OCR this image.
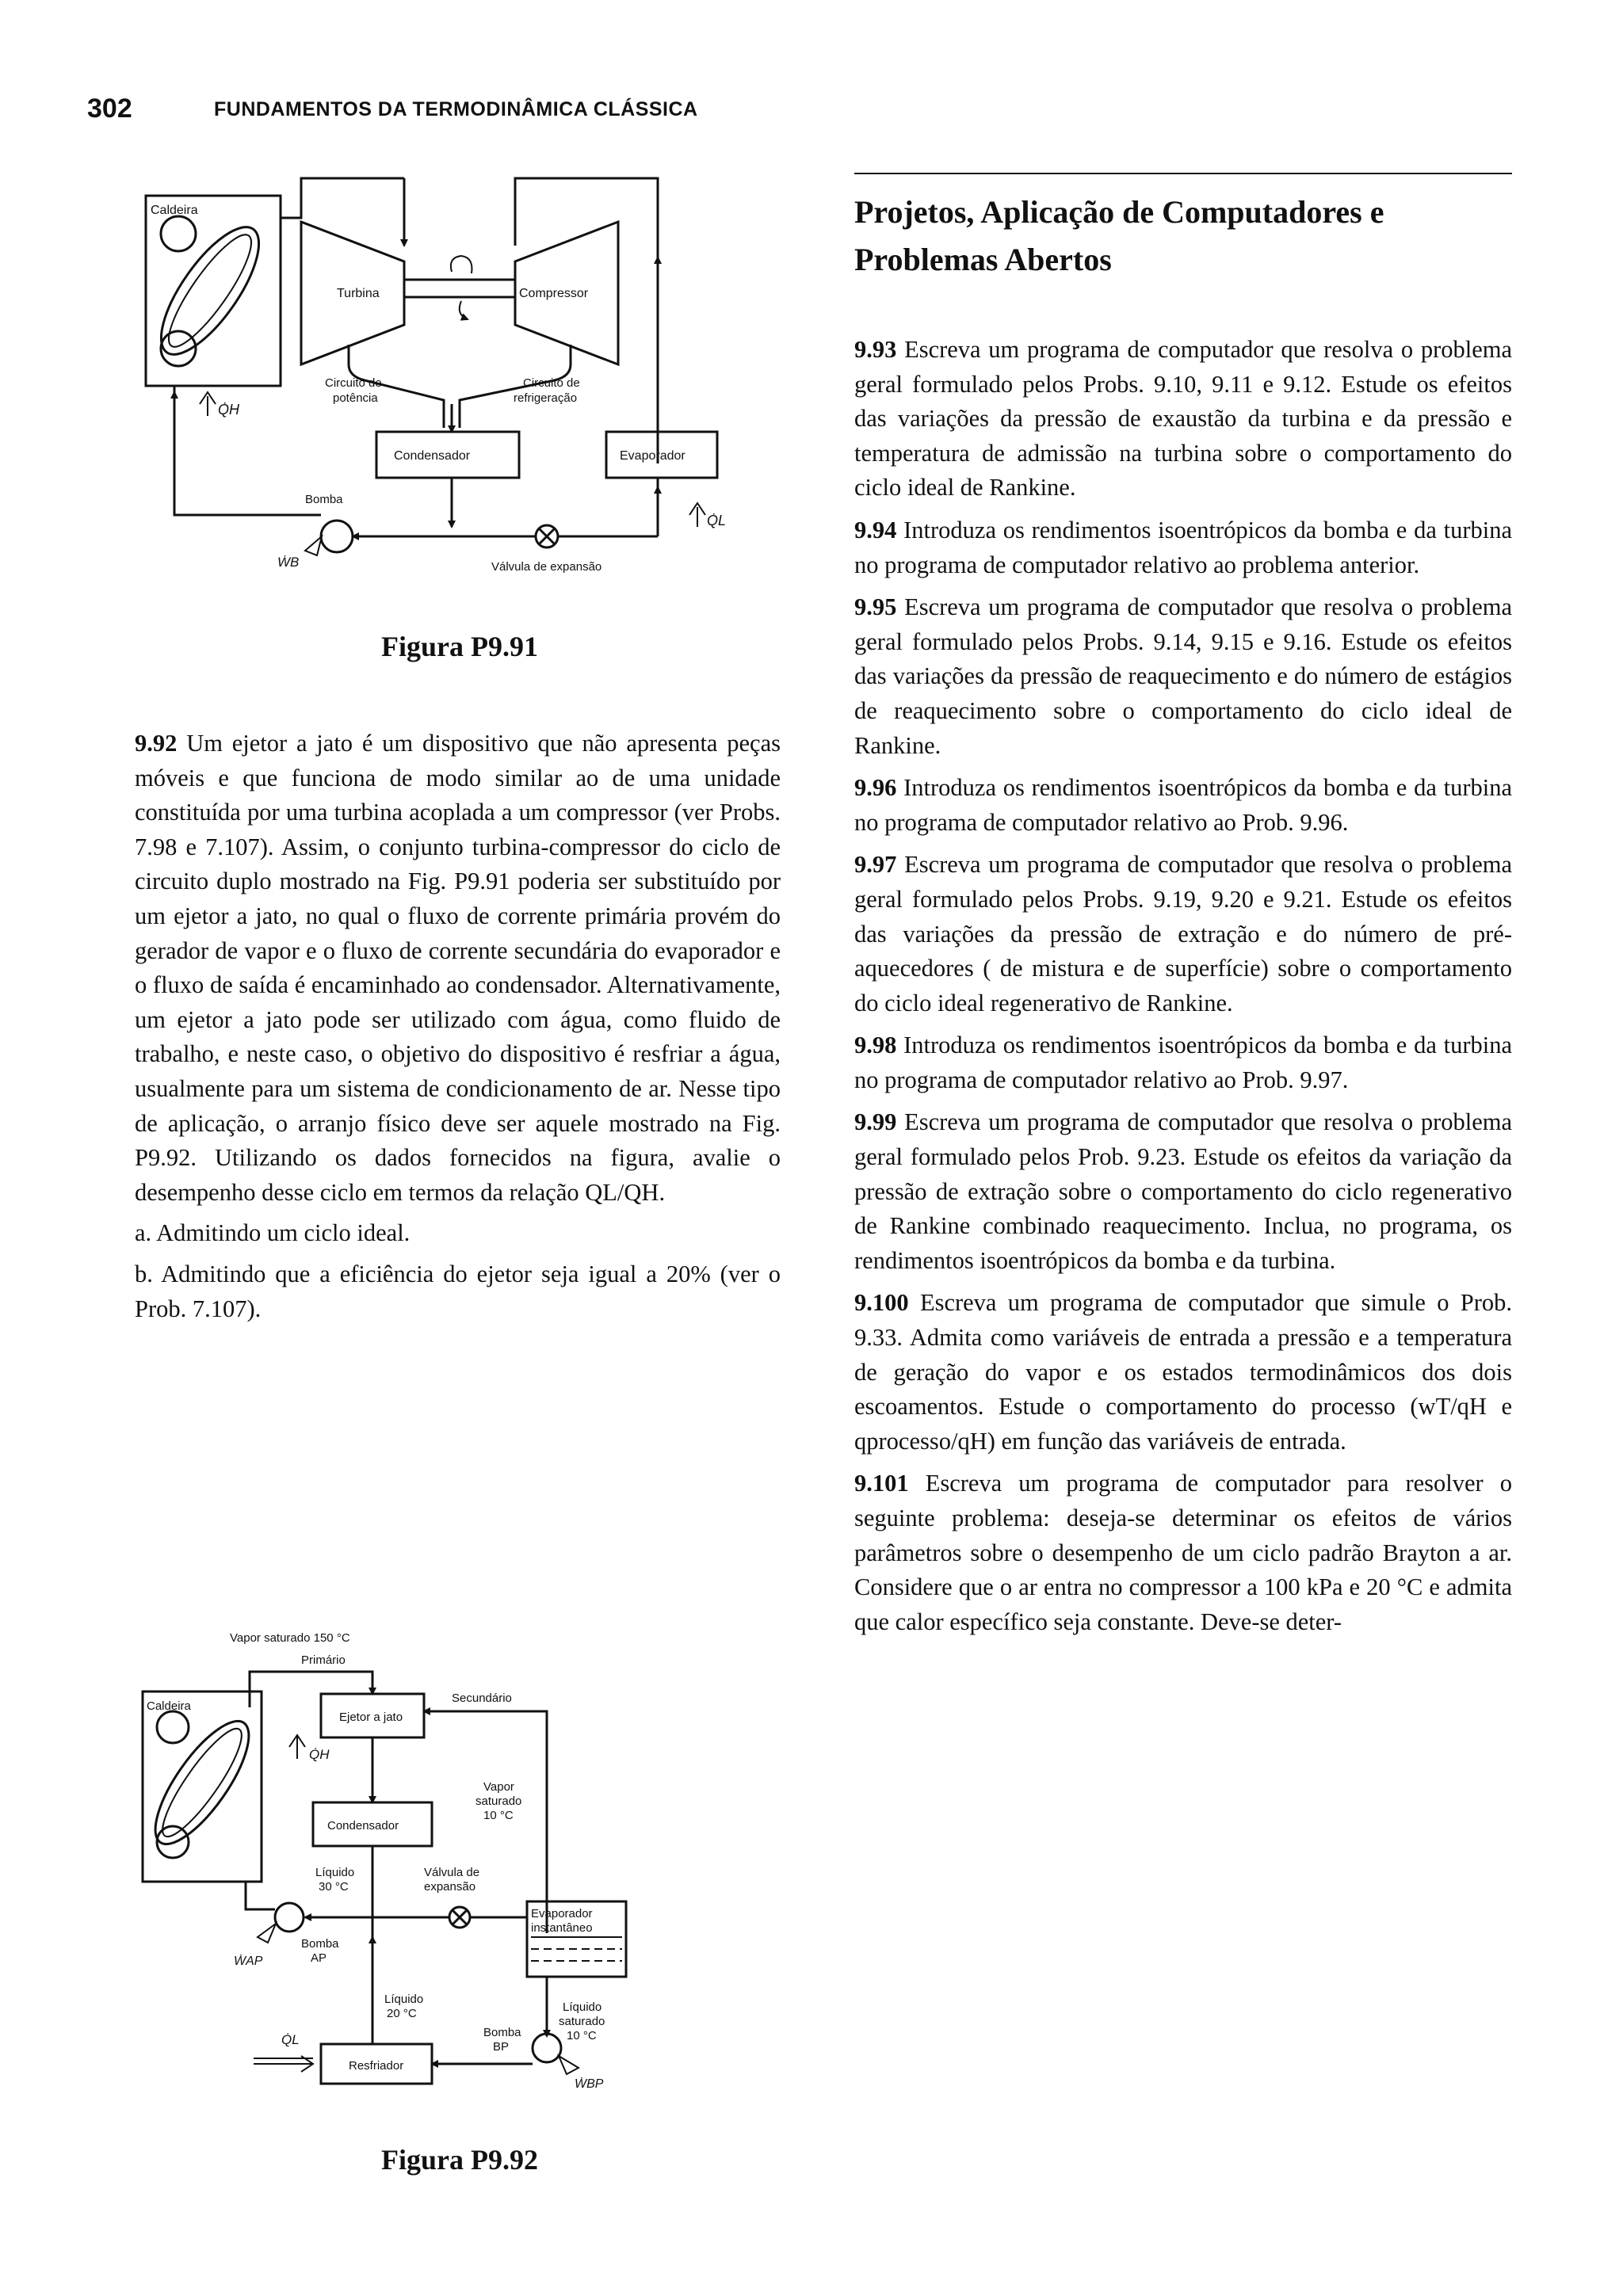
302	FUNDAMENTOS DA TERMODINÂMICA CLÁSSICA
Caldeira
Turbina	Compressor
Circuito de
potência
Circuito de
refrigeração
Condensador	Evaporador
Válvula de expansão
Bomba
ẆB
Q̇H
Q̇L
Figura P9.91

9.92 Um ejetor a jato é um dispositivo que não apresenta peças móveis e que funciona de modo similar ao de uma unidade constituída por uma turbina acoplada a um compressor (ver Probs. 7.98 e 7.107). Assim, o conjunto turbina-compressor do ciclo de circuito duplo mostrado na Fig. P9.91 poderia ser substituído por um ejetor a jato, no qual o fluxo de corrente primária provém do gerador de vapor e o fluxo de corrente secundária do evaporador e o fluxo de saída é encaminhado ao condensador. Alternativamente, um ejetor a jato pode ser utilizado com água, como fluido de trabalho, e neste caso, o objetivo do dispositivo é resfriar a água, usualmente para um sistema de condicionamento de ar. Nesse tipo de aplicação, o arranjo físico deve ser aquele mostrado na Fig. P9.92. Utilizando os dados fornecidos na figura, avalie o desempenho desse ciclo em termos da relação QL/QH.

a. Admitindo um ciclo ideal.

b. Admitindo que a eficiência do ejetor seja igual a 20% (ver o Prob. 7.107).

Vapor saturado 150 °C
Primário
Caldeira
Ejetor a jato
Secundário
Q̇H
Vapor
saturado
10 °C
Condensador
Líquido
30 °C
Válvula de
expansão
Evaporador
instantâneo
Líquido
saturado
10 °C
Bomba
BP
ẆBP
Resfriador
Q̇L
Líquido
20 °C
Bomba
AP
ẆAP
Figura P9.92
Projetos, Aplicação de Computadores e Problemas Abertos

9.93 Escreva um programa de computador que resolva o problema geral formulado pelos Probs. 9.10, 9.11 e 9.12. Estude os efeitos das variações da pressão de exaustão da turbina e da pressão e temperatura de admissão na turbina sobre o comportamento do ciclo ideal de Rankine.

9.94 Introduza os rendimentos isoentrópicos da bomba e da turbina no programa de computador relativo ao problema anterior.

9.95 Escreva um programa de computador que resolva o problema geral formulado pelos Probs. 9.14, 9.15 e 9.16. Estude os efeitos das variações da pressão de reaquecimento e do número de estágios de reaquecimento sobre o comportamento do ciclo ideal de Rankine.

9.96 Introduza os rendimentos isoentrópicos da bomba e da turbina no programa de computador relativo ao Prob. 9.96.

9.97 Escreva um programa de computador que resolva o problema geral formulado pelos Probs. 9.19, 9.20 e 9.21. Estude os efeitos das variações da pressão de extração e do número de pré-aquecedores ( de mistura e de superfície) sobre o comportamento do ciclo ideal regenerativo de Rankine.

9.98 Introduza os rendimentos isoentrópicos da bomba e da turbina no programa de computador relativo ao Prob. 9.97.

9.99 Escreva um programa de computador que resolva o problema geral formulado pelos Prob. 9.23. Estude os efeitos da variação da pressão de extração sobre o comportamento do ciclo regenerativo de Rankine combinado reaquecimento. Inclua, no programa, os rendimentos isoentrópicos da bomba e da turbina.

9.100 Escreva um programa de computador que simule o Prob. 9.33. Admita como variáveis de entrada a pressão e a temperatura de geração do vapor e os estados termodinâmicos dos dois escoamentos. Estude o comportamento do processo (wT/qH e qprocesso/qH) em função das variáveis de entrada.

9.101 Escreva um programa de computador para resolver o seguinte problema: deseja-se determinar os efeitos de vários parâmetros sobre o desempenho de um ciclo padrão Brayton a ar. Considere que o ar entra no compressor a 100 kPa e 20 °C e admita que calor específico seja constante. Deve-se deter-
